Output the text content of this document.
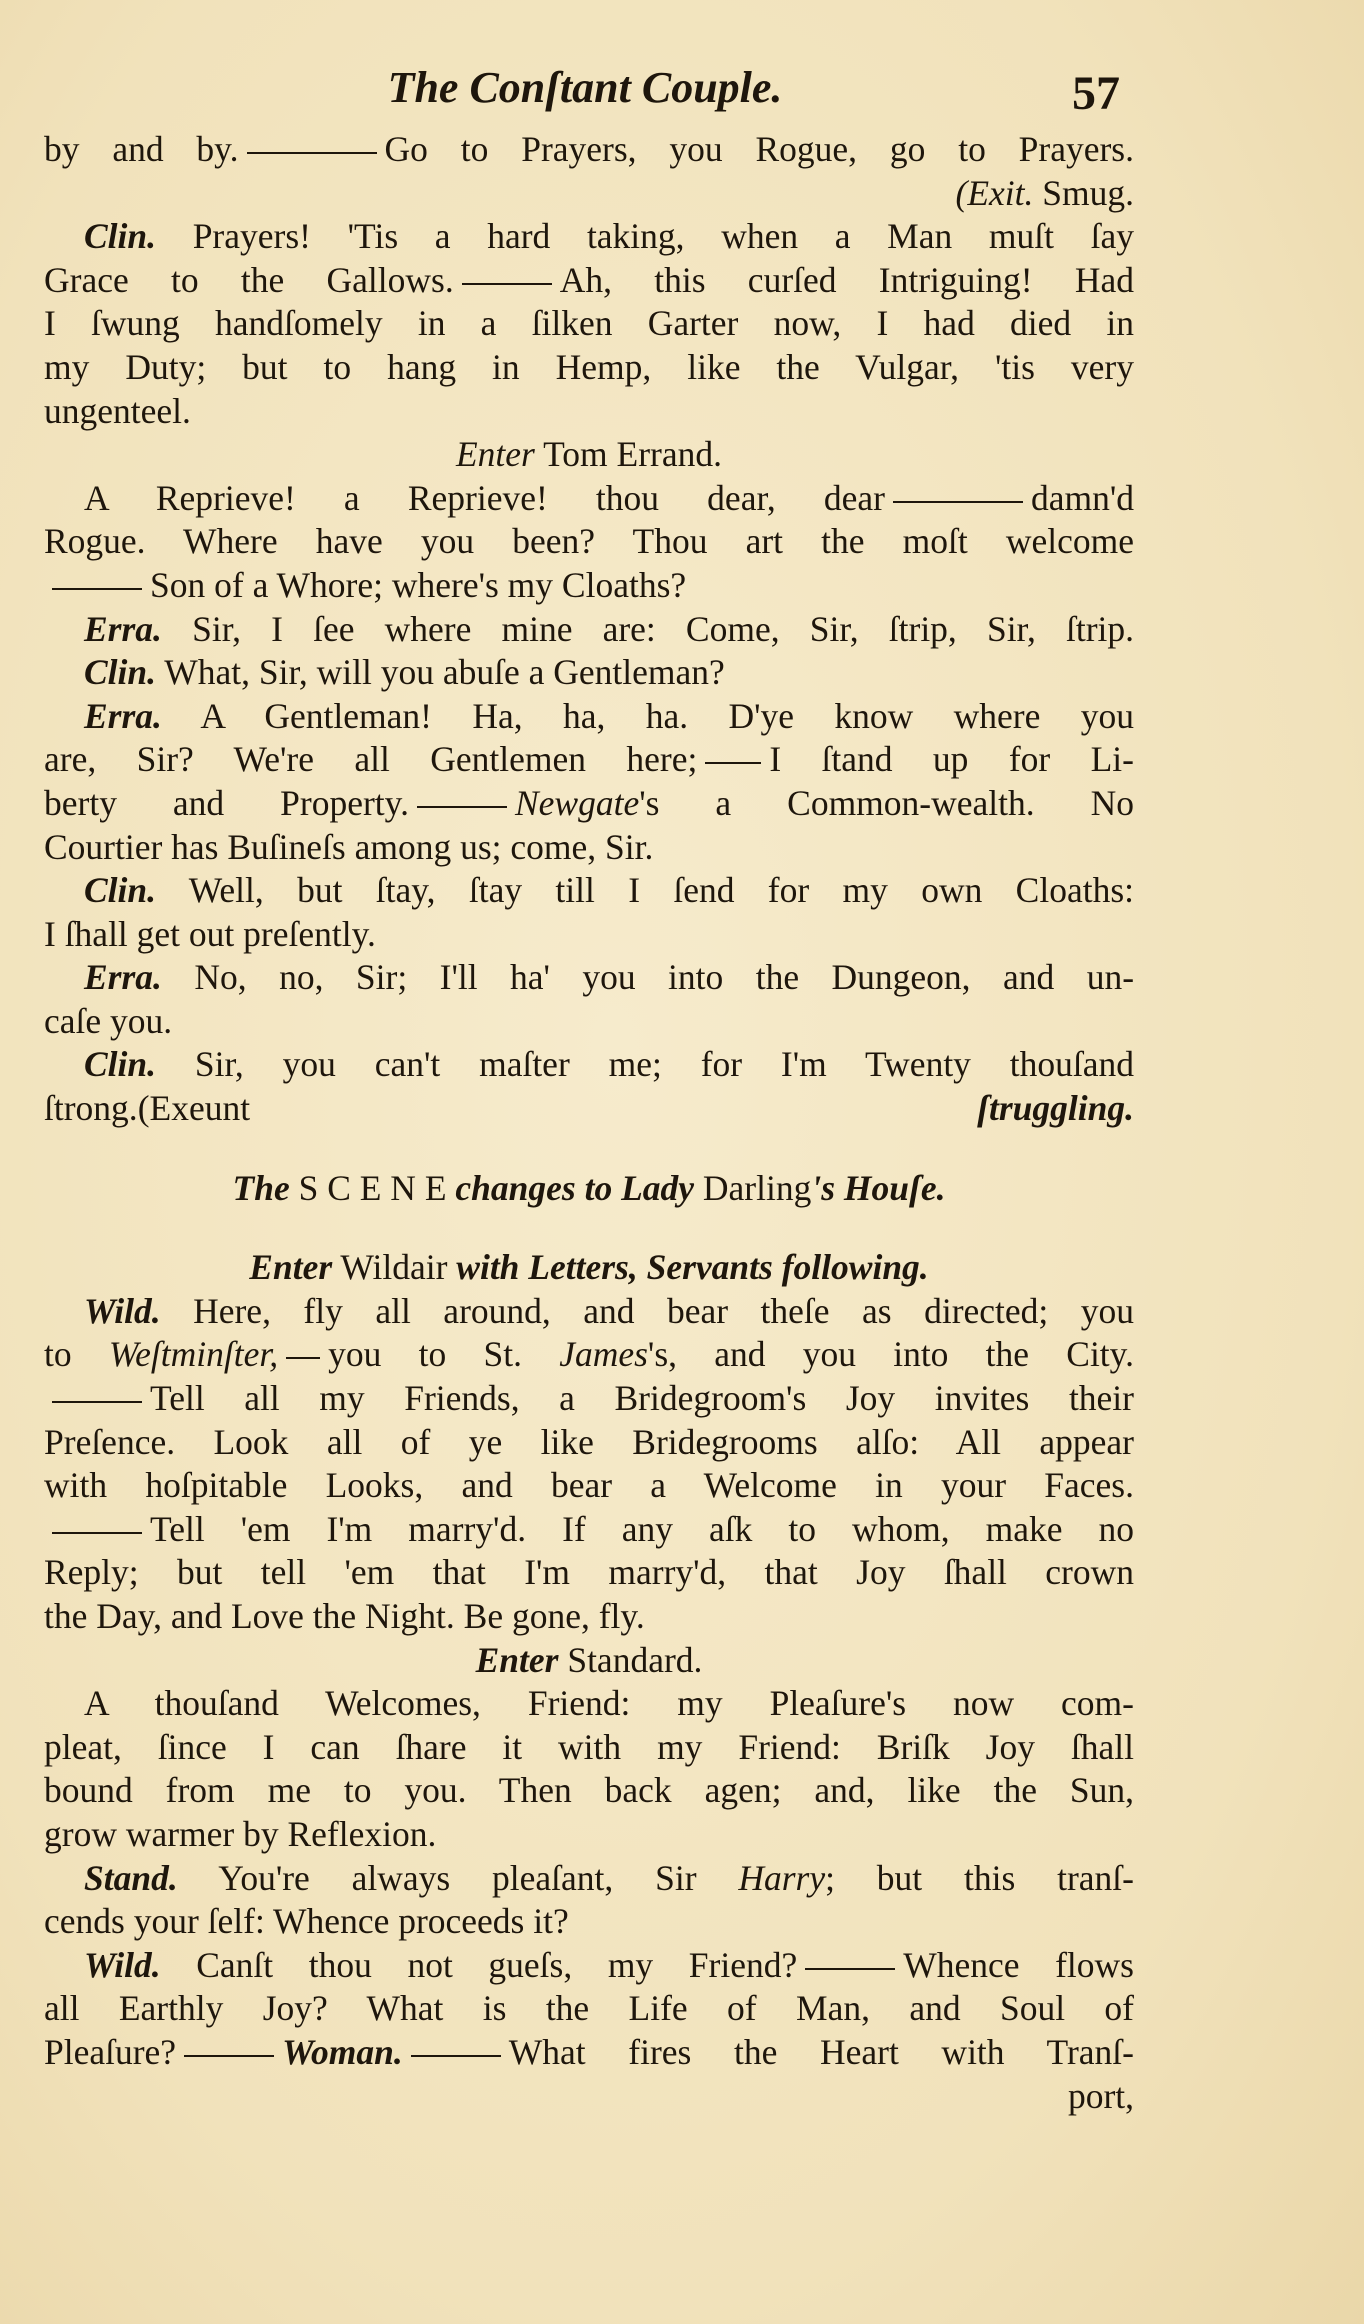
The Conſtant Couple.	57
by and by.	Go to Prayers, you Rogue, go to Prayers.
(Exit. Smug.
Clin. Prayers! 'Tis a hard taking, when a Man muſt ſay
Grace to the Gallows.	Ah, this curſed Intriguing! Had
I ſwung handſomely in a ſilken Garter now, I had died in
my Duty; but to hang in Hemp, like the Vulgar, 'tis very
ungenteel.
Enter Tom Errand.
A Reprieve! a Reprieve! thou dear, dear	damn'd
Rogue. Where have you been? Thou art the moſt welcome
Son of a Whore; where's my Cloaths?
Erra. Sir, I ſee where mine are: Come, Sir, ſtrip, Sir, ſtrip.
Clin. What, Sir, will you abuſe a Gentleman?
Erra. A Gentleman! Ha, ha, ha. D'ye know where you
are, Sir? We're all Gentlemen here; I ſtand up for Li-
berty and Property.	Newgate's a Common-wealth. No
Courtier has Buſineſs among us; come, Sir.
Clin. Well, but ſtay, ſtay till I ſend for my own Cloaths:
I ſhall get out preſently.
Erra. No, no, Sir; I'll ha' you into the Dungeon, and un-
caſe you.
Clin. Sir, you can't maſter me; for I'm Twenty thouſand
ſtrong.(Exeunt	ſtruggling.
The S C E N E changes to Lady Darling's Houſe.
Enter Wildair with Letters, Servants following.
Wild. Here, fly all around, and bear theſe as directed; you
to Weſtminſter, you to St. James's, and you into the City.
Tell all my Friends, a Bridegroom's Joy invites their
Preſence. Look all of ye like Bridegrooms alſo: All appear
with hoſpitable Looks, and bear a Welcome in your Faces.
Tell 'em I'm marry'd. If any aſk to whom, make no
Reply; but tell 'em that I'm marry'd, that Joy ſhall crown
the Day, and Love the Night. Be gone, fly.
Enter Standard.
A thouſand Welcomes, Friend: my Pleaſure's now com-
pleat, ſince I can ſhare it with my Friend: Briſk Joy ſhall
bound from me to you. Then back agen; and, like the Sun,
grow warmer by Reflexion.
Stand. You're always pleaſant, Sir Harry; but this tranſ-
cends your ſelf: Whence proceeds it?
Wild. Canſt thou not gueſs, my Friend?	Whence flows
all Earthly Joy? What is the Life of Man, and Soul of
Pleaſure?	Woman.	What fires the Heart with Tranſ-
port,
